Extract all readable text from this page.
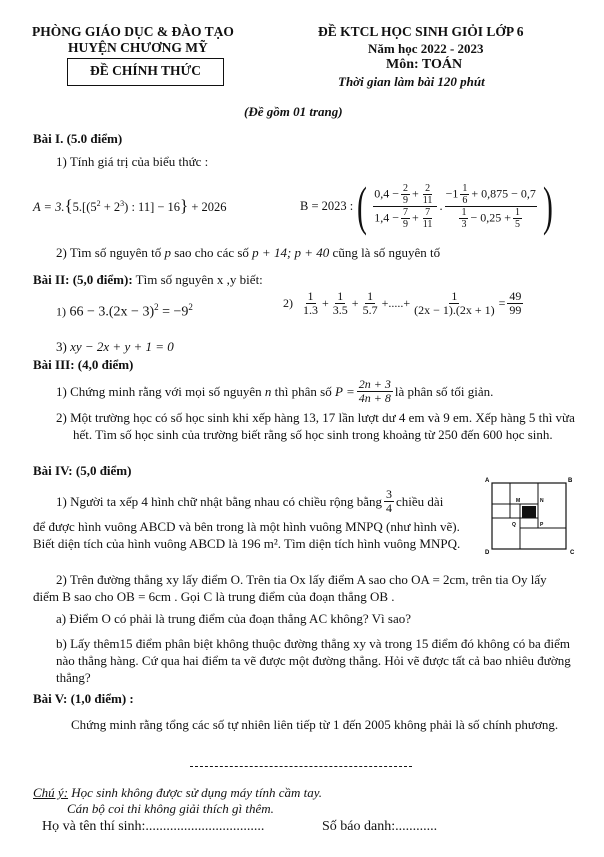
PHÒNG GIÁO DỤC & ĐÀO TẠO
HUYỆN CHƯƠNG MỸ
ĐỀ CHÍNH THỨC
ĐỀ KTCL HỌC SINH GIỎI LỚP 6
Năm học 2022 - 2023
Môn: TOÁN
Thời gian làm bài 120 phút
(Đề gồm 01 trang)
Bài I. (5.0 điểm)
1) Tính giá trị của biểu thức :
$A = 3.\{5.[(5^2 + 2^3)$ : 11] − 16} + 2026	B = 2023 : ( $\frac{0,4 - \frac{2}{9} + \frac{2}{11}}{1,4 - \frac{7}{9} + \frac{7}{11}}$ . $\frac{-1 \frac{1}{6} + 0,875 - 0,7}{\frac{1}{3} - 0,25 + \frac{1}{5}}$ )
2) Tìm số nguyên tố p sao cho các số p + 14; p + 40 cũng là số nguyên tố
Bài II: (5,0 điểm): Tìm số nguyên x ,y biết:
1) $66 - 3.(2x - 3)^2 = -9^2$	$2) \frac{1}{1.3} + \frac{1}{3.5} + \frac{1}{5.7}$ +.....+ $\frac{1}{(2x - 1).(2x + 1)} = \frac{49}{99}$
3) xy − 2x + y + 1 = 0
Bài III: (4,0 điểm)
1) Chứng minh rằng với mọi số nguyên
n
thì phân số
$P = \frac{2n + 3}{4n + 8}$ là phân số tối giản.
2) Một trường học có số học sinh khi xếp hàng 13, 17 lần lượt dư 4 em và 9 em. Xếp hàng 5 thì vừa hết. Tìm số học sinh của trường biết rằng số học sinh trong khoảng từ 250 đến 600 học sinh.
Bài IV: (5,0 điểm)
1) Người ta xếp 4 hình chữ nhật bằng nhau có chiều rộng bằng $\frac{3}{4}$ chiều dài
để được hình vuông ABCD và bên trong là một hình vuông MNPQ (như hình vẽ). Biết diện tích của hình vuông ABCD là 196 m². Tìm diện tích hình vuông MNPQ.
A	B
C
D
M	N
P
Q
2) Trên đường thẳng xy lấy điểm O. Trên tia Ox lấy điểm A sao cho OA = 2cm, trên tia Oy lấy điểm B sao cho OB = 6cm . Gọi C là trung điểm của đoạn thẳng OB .
a) Điểm O có phải là trung điểm của đoạn thẳng AC không? Vì sao?
b) Lấy thêm15 điểm phân biệt không thuộc đường thẳng xy và trong 15 điểm đó không có ba điểm nào thẳng hàng. Cứ qua hai điểm ta vẽ được một đường thẳng. Hỏi vẽ được tất cả bao nhiêu đường thẳng?
Bài V: (1,0 điểm) :
Chứng minh rằng tổng các số tự nhiên liên tiếp từ 1 đến 2005 không phải là số chính phương.
Chú ý: Học sinh không được sử dụng máy tính cầm tay.
Cán bộ coi thi không giải thích gì thêm.
Họ và tên thí sinh:..................................	Số báo danh:............
